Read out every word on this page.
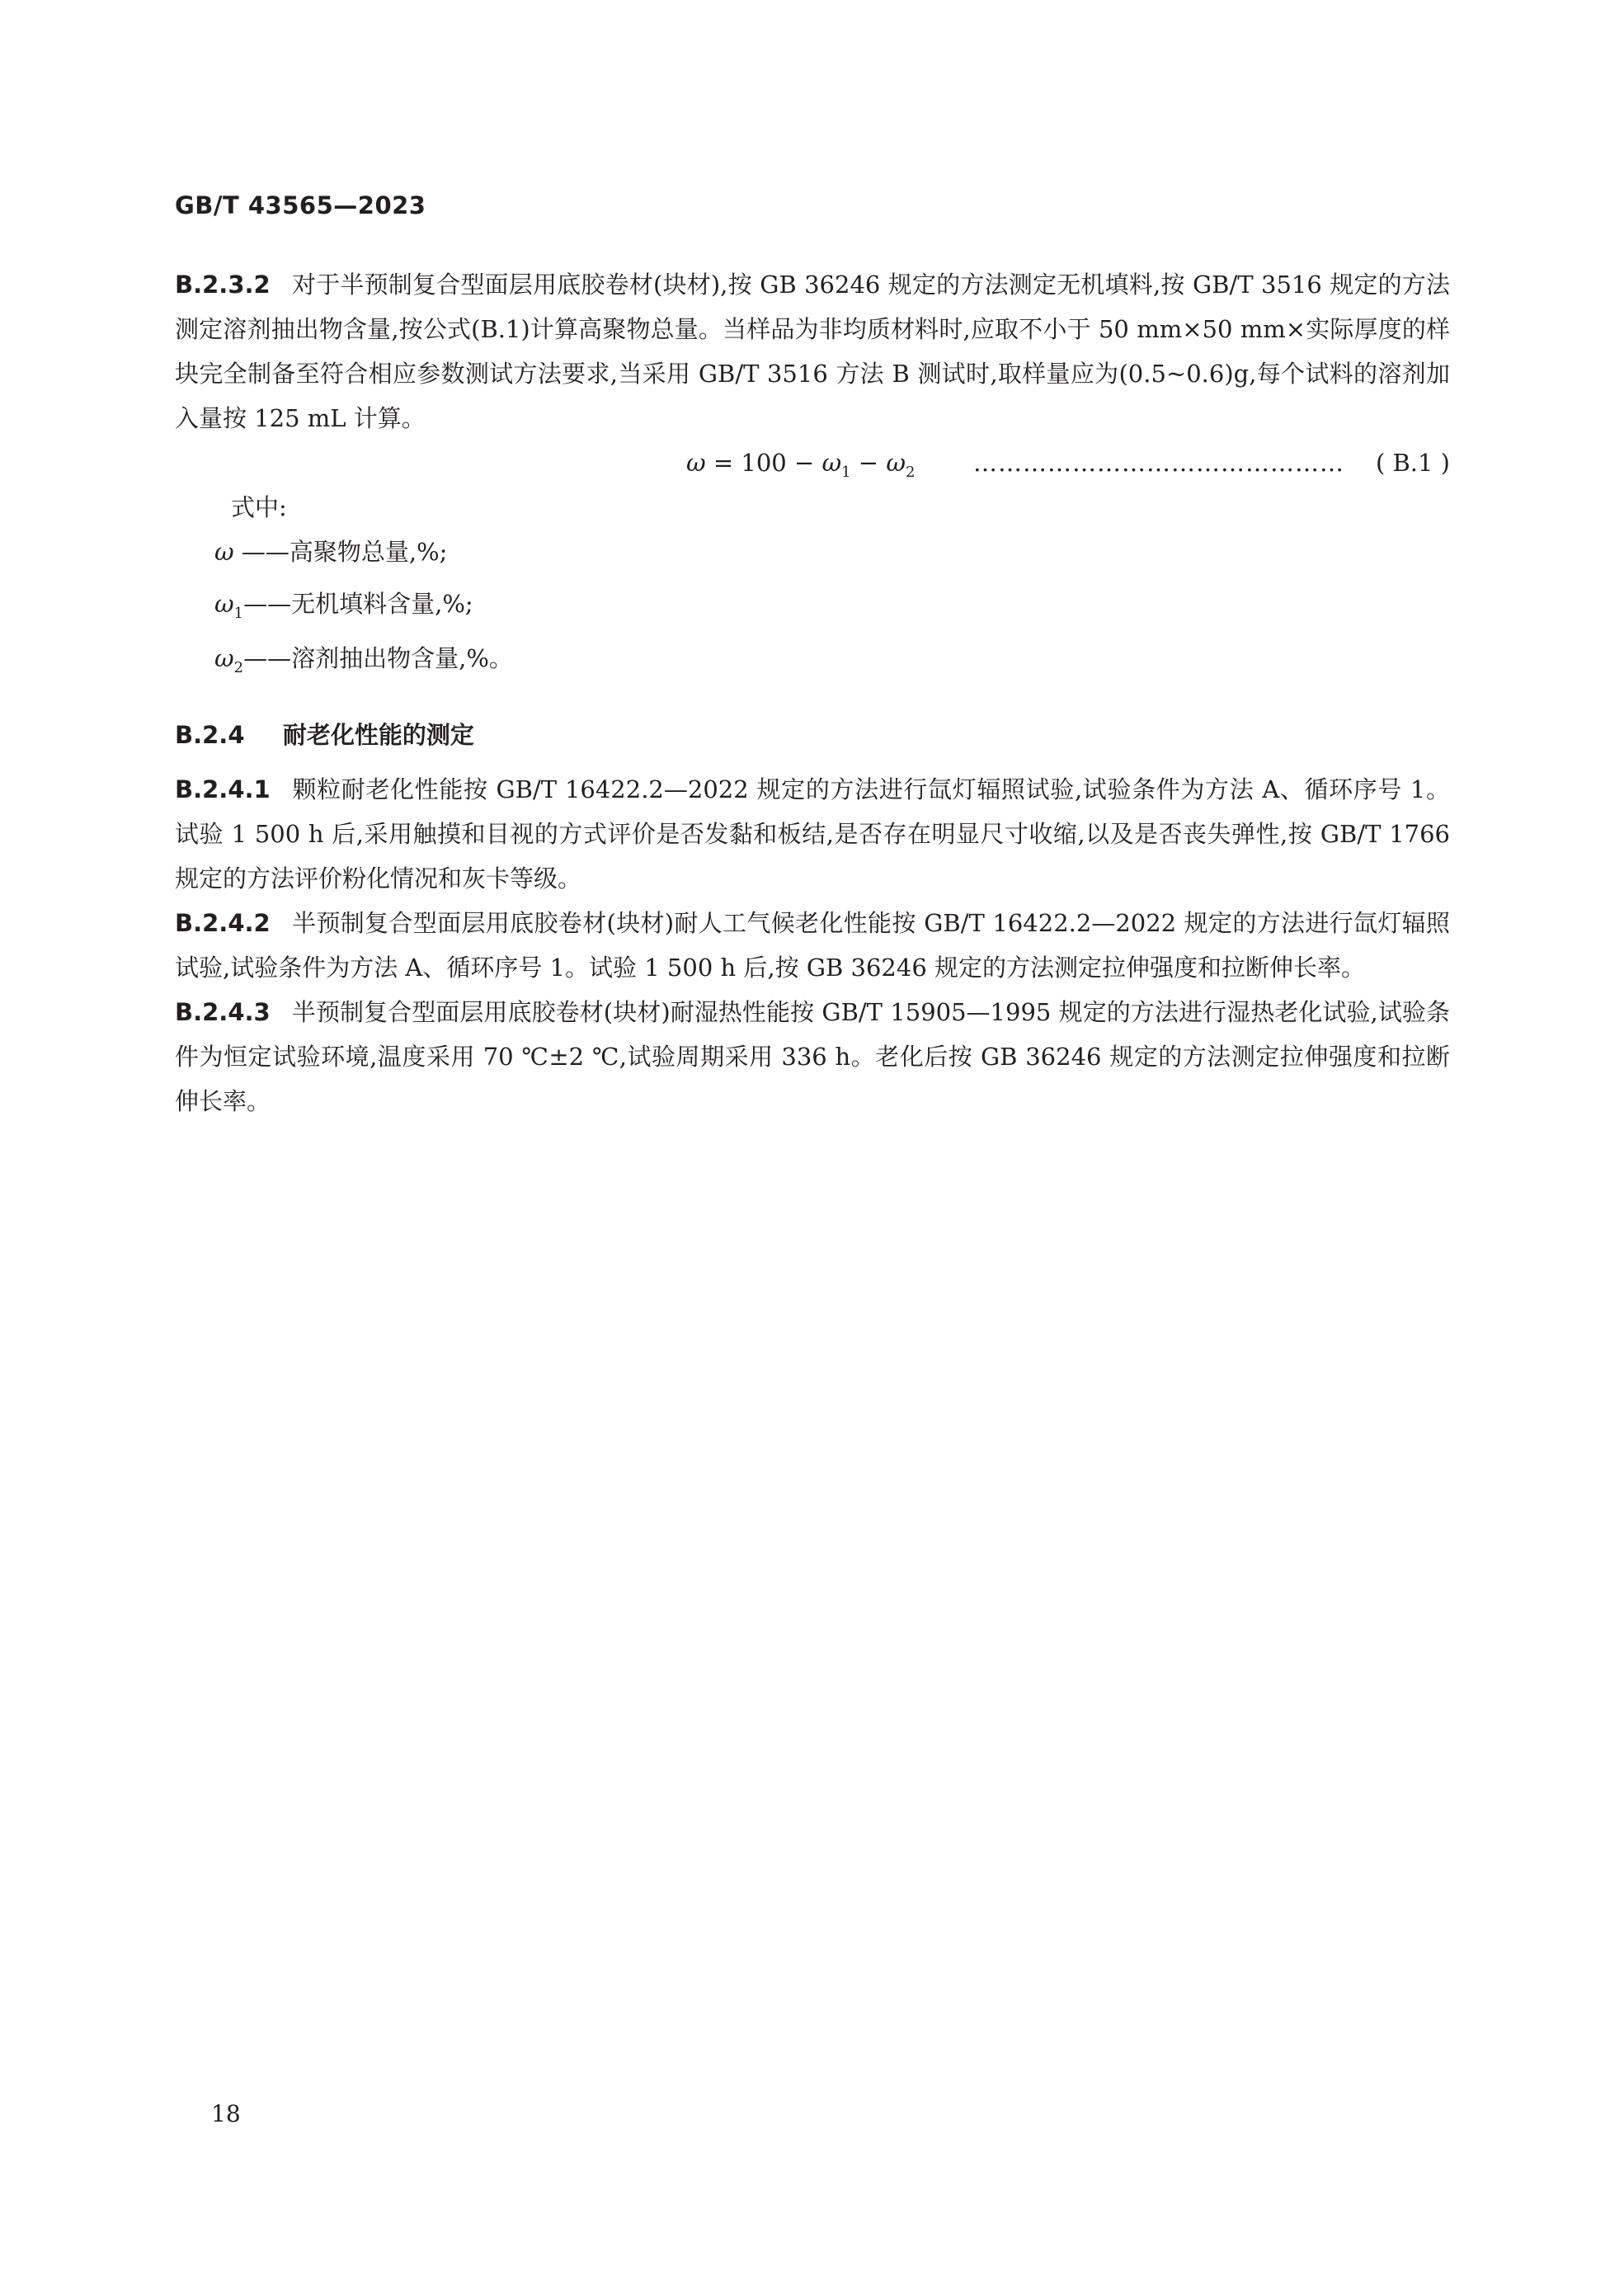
GB/T 43565—2023

B.2.3.2 对于半预制复合型面层用底胶卷材(块材),按 GB 36246 规定的方法测定无机填料,按 GB/T 3516 规定的方法测定溶剂抽出物含量,按公式(B.1)计算高聚物总量。当样品为非均质材料时,应取不小于 50 mm×50 mm×实际厚度的样块完全制备至符合相应参数测试方法要求,当采用 GB/T 3516 方法 B 测试时,取样量应为(0.5~0.6)g,每个试料的溶剂加入量按 125 mL 计算。

$\omega = 100 - \omega_1 - \omega_2$ ……………………………………… ( B.1 )
式中:
ω ——高聚物总量,%;
$\omega_1——$无机填料含量,%;
$\omega_2——$溶剂抽出物含量,%。
B.2.4 耐老化性能的测定

B.2.4.1 颗粒耐老化性能按 GB/T 16422.2—2022 规定的方法进行氙灯辐照试验,试验条件为方法 A、循环序号 1。试验 1 500 h 后,采用触摸和目视的方式评价是否发黏和板结,是否存在明显尺寸收缩,以及是否丧失弹性,按 GB/T 1766 规定的方法评价粉化情况和灰卡等级。

B.2.4.2 半预制复合型面层用底胶卷材(块材)耐人工气候老化性能按 GB/T 16422.2—2022 规定的方法进行氙灯辐照试验,试验条件为方法 A、循环序号 1。试验 1 500 h 后,按 GB 36246 规定的方法测定拉伸强度和拉断伸长率。

B.2.4.3 半预制复合型面层用底胶卷材(块材)耐湿热性能按 GB/T 15905—1995 规定的方法进行湿热老化试验,试验条件为恒定试验环境,温度采用 70 ℃±2 ℃,试验周期采用 336 h。老化后按 GB 36246 规定的方法测定拉伸强度和拉断伸长率。

18
